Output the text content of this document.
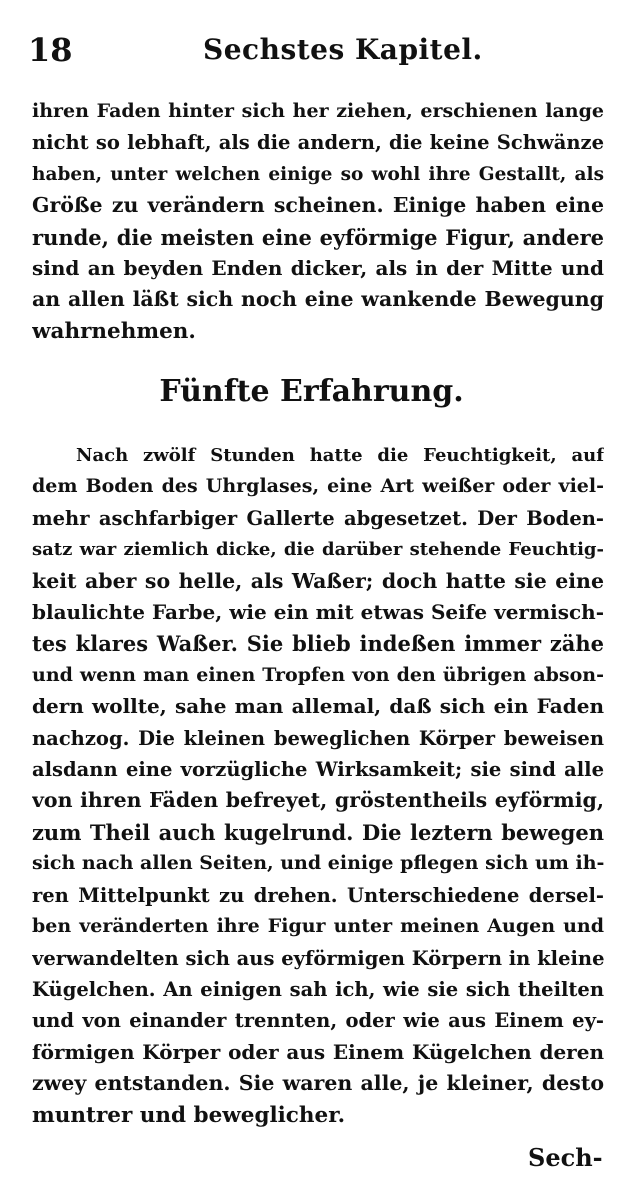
18	Sechstes Kapitel.
ihren Faden hinter sich her ziehen, erschienen lange
nicht so lebhaft, als die andern, die keine Schwänze
haben, unter welchen einige so wohl ihre Gestallt, als
Größe zu verändern scheinen. Einige haben eine
runde, die meisten eine eyförmige Figur, andere
sind an beyden Enden dicker, als in der Mitte und
an allen läßt sich noch eine wankende Bewegung
wahrnehmen.
Fünfte Erfahrung.
Nach zwölf Stunden hatte die Feuchtigkeit, auf
dem Boden des Uhrglases, eine Art weißer oder viel-
mehr aschfarbiger Gallerte abgesetzet. Der Boden-
satz war ziemlich dicke, die darüber stehende Feuchtig-
keit aber so helle, als Waßer; doch hatte sie eine
blaulichte Farbe, wie ein mit etwas Seife vermisch-
tes klares Waßer. Sie blieb indeßen immer zähe
und wenn man einen Tropfen von den übrigen abson-
dern wollte, sahe man allemal, daß sich ein Faden
nachzog. Die kleinen beweglichen Körper beweisen
alsdann eine vorzügliche Wirksamkeit; sie sind alle
von ihren Fäden befreyet, gröstentheils eyförmig,
zum Theil auch kugelrund. Die leztern bewegen
sich nach allen Seiten, und einige pflegen sich um ih-
ren Mittelpunkt zu drehen. Unterschiedene dersel-
ben veränderten ihre Figur unter meinen Augen und
verwandelten sich aus eyförmigen Körpern in kleine
Kügelchen. An einigen sah ich, wie sie sich theilten
und von einander trennten, oder wie aus Einem ey-
förmigen Körper oder aus Einem Kügelchen deren
zwey entstanden. Sie waren alle, je kleiner, desto
muntrer und beweglicher.
Sech-
